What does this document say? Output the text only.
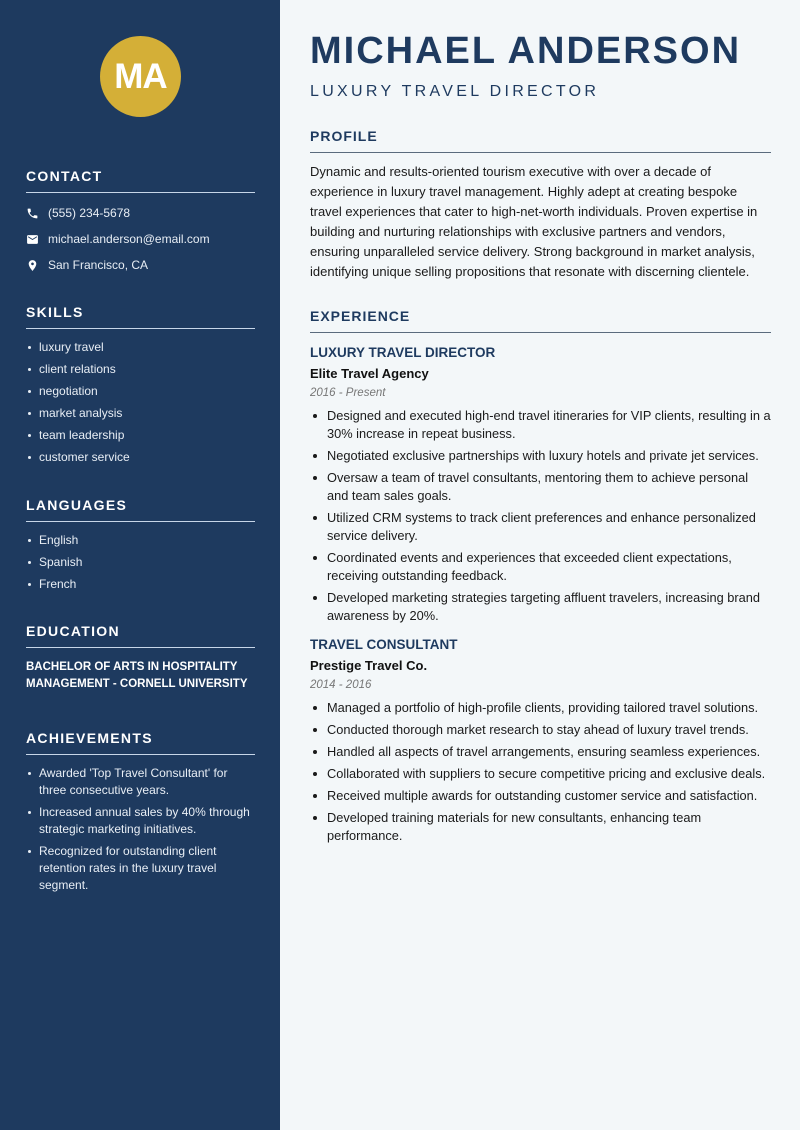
MA
CONTACT
(555) 234-5678
michael.anderson@email.com
San Francisco, CA
SKILLS
luxury travel
client relations
negotiation
market analysis
team leadership
customer service
LANGUAGES
English
Spanish
French
EDUCATION
BACHELOR OF ARTS IN HOSPITALITY
MANAGEMENT - CORNELL UNIVERSITY
ACHIEVEMENTS
Awarded 'Top Travel Consultant' for three consecutive years.
Increased annual sales by 40% through strategic marketing initiatives.
Recognized for outstanding client retention rates in the luxury travel segment.
MICHAEL ANDERSON
LUXURY TRAVEL DIRECTOR
PROFILE

Dynamic and results-oriented tourism executive with over a decade of experience in luxury travel management. Highly adept at creating bespoke travel experiences that cater to high-net-worth individuals. Proven expertise in building and nurturing relationships with exclusive partners and vendors, ensuring unparalleled service delivery. Strong background in market analysis, identifying unique selling propositions that resonate with discerning clientele.

EXPERIENCE
LUXURY TRAVEL DIRECTOR
Elite Travel Agency
2016 - Present
Designed and executed high-end travel itineraries for VIP clients, resulting in a 30% increase in repeat business.
Negotiated exclusive partnerships with luxury hotels and private jet services.
Oversaw a team of travel consultants, mentoring them to achieve personal and team sales goals.
Utilized CRM systems to track client preferences and enhance personalized service delivery.
Coordinated events and experiences that exceeded client expectations, receiving outstanding feedback.
Developed marketing strategies targeting affluent travelers, increasing brand awareness by 20%.
TRAVEL CONSULTANT
Prestige Travel Co.
2014 - 2016
Managed a portfolio of high-profile clients, providing tailored travel solutions.
Conducted thorough market research to stay ahead of luxury travel trends.
Handled all aspects of travel arrangements, ensuring seamless experiences.
Collaborated with suppliers to secure competitive pricing and exclusive deals.
Received multiple awards for outstanding customer service and satisfaction.
Developed training materials for new consultants, enhancing team performance.
